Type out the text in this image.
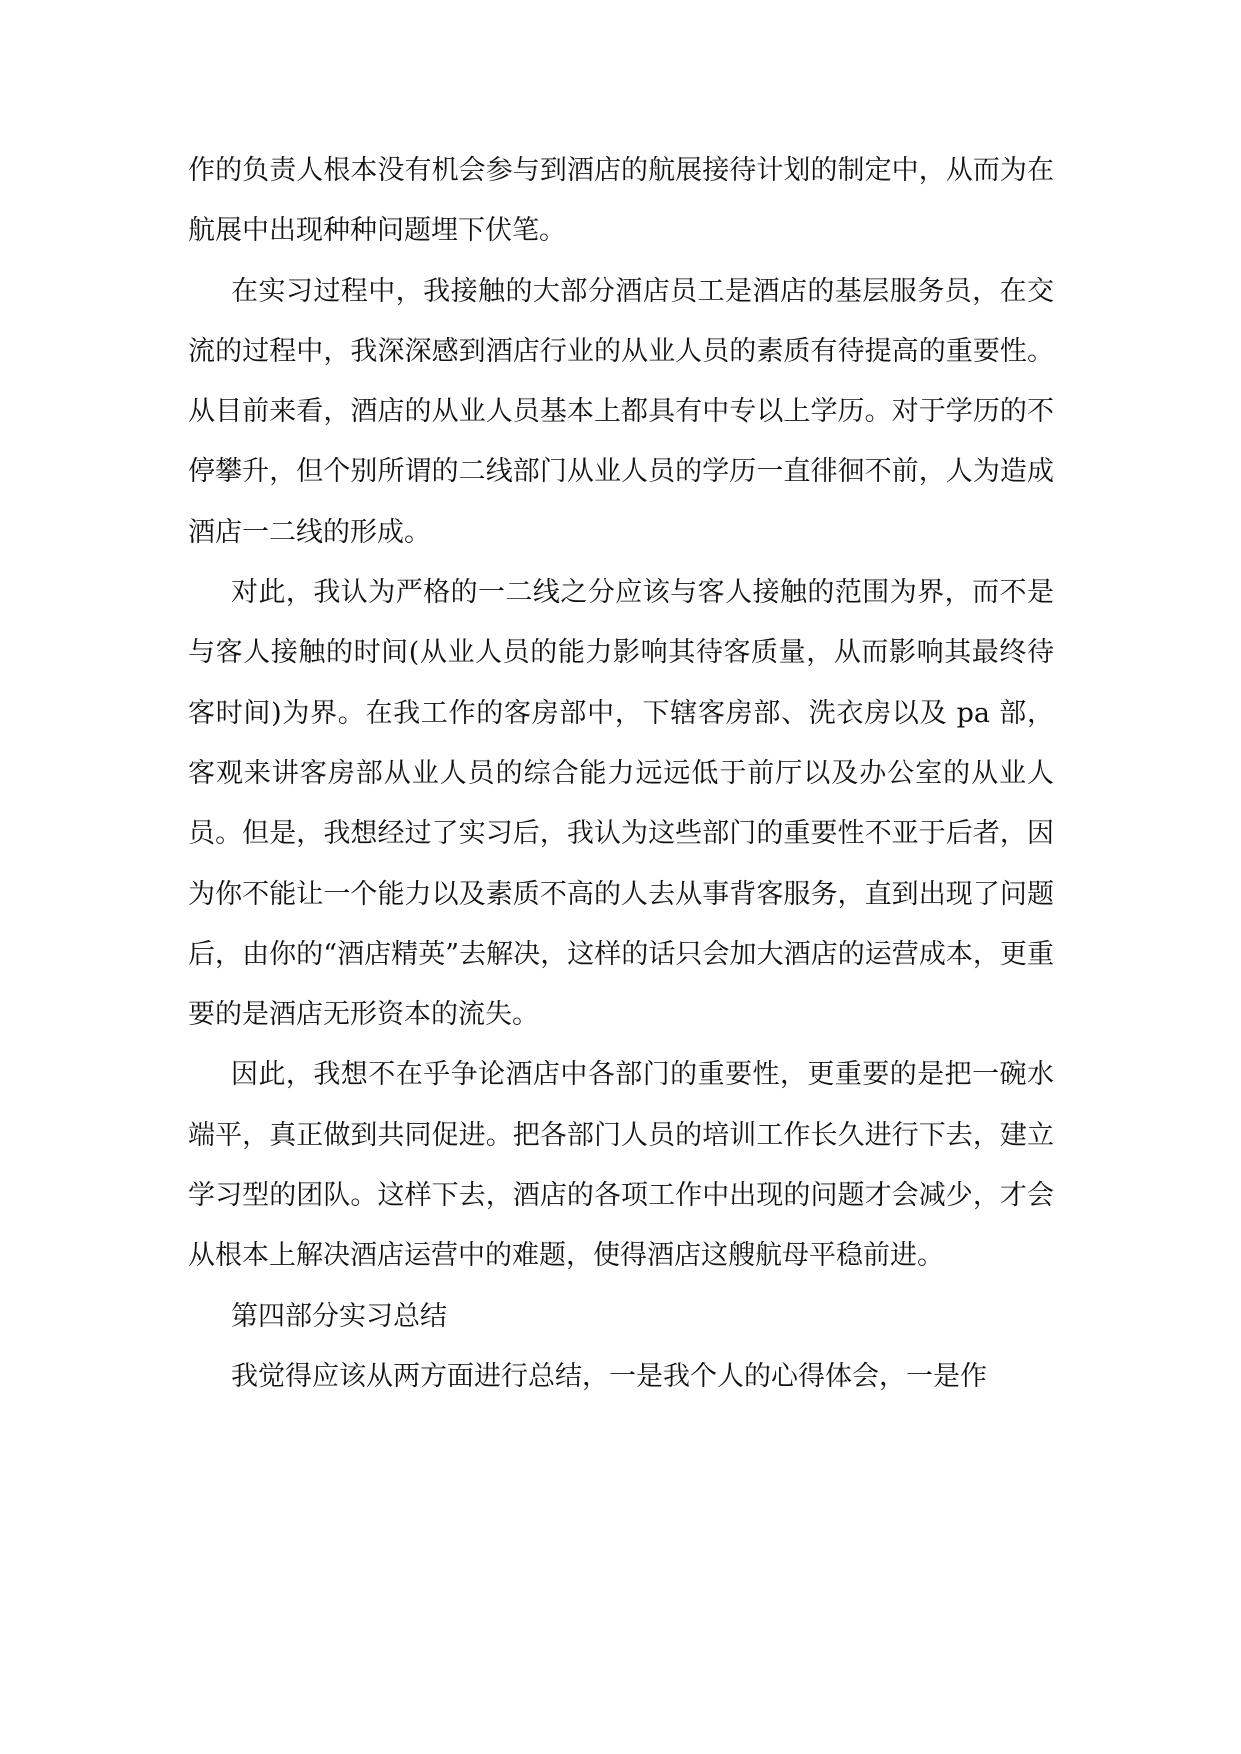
作的负责人根本没有机会参与到酒店的航展接待计划的制定中，从而为在航展中出现种种问题埋下伏笔。

在实习过程中，我接触的大部分酒店员工是酒店的基层服务员，在交流的过程中，我深深感到酒店行业的从业人员的素质有待提高的重要性。从目前来看，酒店的从业人员基本上都具有中专以上学历。对于学历的不停攀升，但个别所谓的二线部门从业人员的学历一直徘徊不前，人为造成酒店一二线的形成。

对此，我认为严格的一二线之分应该与客人接触的范围为界，而不是与客人接触的时间(从业人员的能力影响其待客质量，从而影响其最终待客时间)为界。在我工作的客房部中，下辖客房部、洗衣房以及 pa 部，客观来讲客房部从业人员的综合能力远远低于前厅以及办公室的从业人员。但是，我想经过了实习后，我认为这些部门的重要性不亚于后者，因为你不能让一个能力以及素质不高的人去从事背客服务，直到出现了问题后，由你的“酒店精英”去解决，这样的话只会加大酒店的运营成本，更重要的是酒店无形资本的流失。

因此，我想不在乎争论酒店中各部门的重要性，更重要的是把一碗水端平，真正做到共同促进。把各部门人员的培训工作长久进行下去，建立学习型的团队。这样下去，酒店的各项工作中出现的问题才会减少，才会从根本上解决酒店运营中的难题，使得酒店这艘航母平稳前进。

第四部分实习总结

我觉得应该从两方面进行总结，一是我个人的心得体会，一是作
